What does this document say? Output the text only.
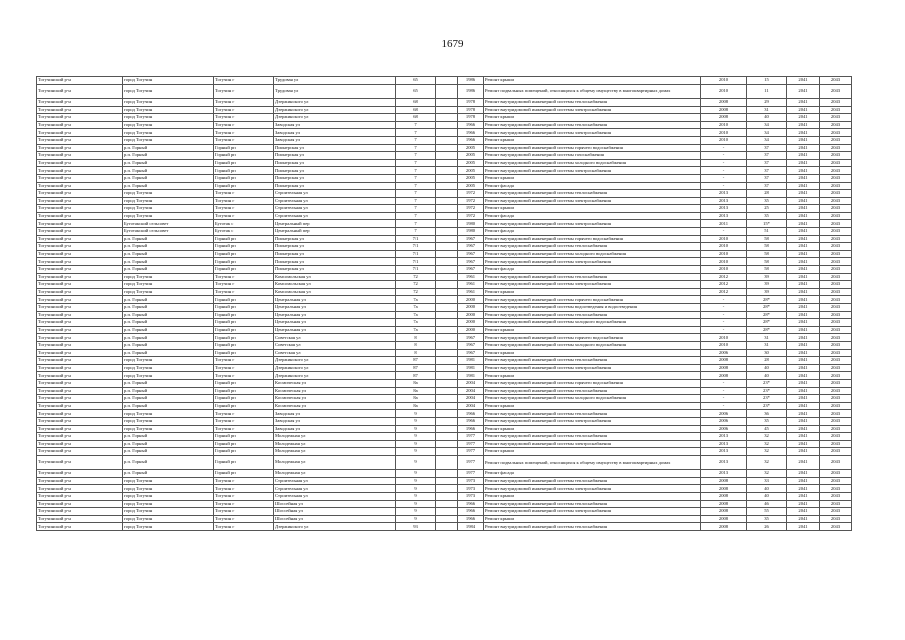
1679
Тогучинский р-н	город Тогучин	Тогучин г	Трудовая ул	65		1986	Ремонт крыши	2010	15	2041	2043
Тогучинский р-н	город Тогучин	Тогучин г	Трудовая ул	65		1986	Ремонт подвальных помещений, относящихся к общему имуществу в многоквартирных домах	2010	11	2041	2043
Тогучинский р-н	город Тогучин	Тогучин г	Дзержинского ул	68		1978	Ремонт внутридомовой инженерной системы теплоснабжения	2008	29	2041	2043
Тогучинский р-н	город Тогучин	Тогучин г	Дзержинского ул	68		1978	Ремонт внутридомовой инженерной системы электроснабжения	2008	31	2041	2043
Тогучинский р-н	город Тогучин	Тогучин г	Дзержинского ул	68		1978	Ремонт крыши	2008	40	2041	2043
Тогучинский р-н	город Тогучин	Тогучин г	Заводская ул	7		1966	Ремонт внутридомовой инженерной системы теплоснабжения	2010	34	2041	2043
Тогучинский р-н	город Тогучин	Тогучин г	Заводская ул	7		1966	Ремонт внутридомовой инженерной системы электроснабжения	2010	34	2041	2043
Тогучинский р-н	город Тогучин	Тогучин г	Заводская ул	7		1966	Ремонт крыши	2010	34	2041	2043
Тогучинский р-н	р.п. Горный	Горный рп	Пионерская ул	7		2005	Ремонт внутридомовой инженерной системы горячего водоснабжения	-	37	2041	2043
Тогучинский р-н	р.п. Горный	Горный рп	Пионерская ул	7		2005	Ремонт внутридомовой инженерной системы газоснабжения	-	37	2041	2043
Тогучинский р-н	р.п. Горный	Горный рп	Пионерская ул	7		2005	Ремонт внутридомовой инженерной системы холодного водоснабжения	-	37	2041	2043
Тогучинский р-н	р.п. Горный	Горный рп	Пионерская ул	7		2005	Ремонт внутридомовой инженерной системы электроснабжения	-	37	2041	2043
Тогучинский р-н	р.п. Горный	Горный рп	Пионерская ул	7		2005	Ремонт крыши	-	37	2041	2043
Тогучинский р-н	р.п. Горный	Горный рп	Пионерская ул	7		2005	Ремонт фасада	-	37	2041	2043
Тогучинский р-н	город Тогучин	Тогучин г	Строительная ул	7		1972	Ремонт внутридомовой инженерной системы теплоснабжения	2013	28	2041	2043
Тогучинский р-н	город Тогучин	Тогучин г	Строительная ул	7		1972	Ремонт внутридомовой инженерной системы электроснабжения	2013	35	2041	2043
Тогучинский р-н	город Тогучин	Тогучин г	Строительная ул	7		1972	Ремонт крыши	2013	25	2041	2043
Тогучинский р-н	город Тогучин	Тогучин г	Строительная ул	7		1972	Ремонт фасада	2013	35	2041	2043
Тогучинский р-н	Буготакский сельсовет	Буготак с	Центральный пер	7		1980	Ремонт внутридомовой инженерной системы электроснабжения	2011	15*	2041	2043
Тогучинский р-н	Буготакский сельсовет	Буготак с	Центральный пер	7		1980	Ремонт фасада	-	51	2041	2043
Тогучинский р-н	р.п. Горный	Горный рп	Пионерская ул	7/1		1967	Ремонт внутридомовой инженерной системы горячего водоснабжения	2010	58	2041	2043
Тогучинский р-н	р.п. Горный	Горный рп	Пионерская ул	7/1		1967	Ремонт внутридомовой инженерной системы теплоснабжения	2010	58	2041	2043
Тогучинский р-н	р.п. Горный	Горный рп	Пионерская ул	7/1		1967	Ремонт внутридомовой инженерной системы холодного водоснабжения	2010	58	2041	2043
Тогучинский р-н	р.п. Горный	Горный рп	Пионерская ул	7/1		1967	Ремонт внутридомовой инженерной системы электроснабжения	2010	58	2041	2043
Тогучинский р-н	р.п. Горный	Горный рп	Пионерская ул	7/1		1967	Ремонт фасада	2010	58	2041	2043
Тогучинский р-н	город Тогучин	Тогучин г	Комсомольская ул	72		1961	Ремонт внутридомовой инженерной системы теплоснабжения	2012	39	2041	2043
Тогучинский р-н	город Тогучин	Тогучин г	Комсомольская ул	72		1961	Ремонт внутридомовой инженерной системы электроснабжения	2012	39	2041	2043
Тогучинский р-н	город Тогучин	Тогучин г	Комсомольская ул	72		1961	Ремонт крыши	2012	39	2041	2043
Тогучинский р-н	р.п. Горный	Горный рп	Центральная ул	7а		2000	Ремонт внутридомовой инженерной системы горячего водоснабжения	-	28*	2041	2043
Тогучинский р-н	р.п. Горный	Горный рп	Центральная ул	7а		2000	Ремонт внутридомовой инженерной системы водоотведения и водоотведения	-	28*	2041	2043
Тогучинский р-н	р.п. Горный	Горный рп	Центральная ул	7а		2000	Ремонт внутридомовой инженерной системы теплоснабжения	-	28*	2041	2043
Тогучинский р-н	р.п. Горный	Горный рп	Центральная ул	7а		2000	Ремонт внутридомовой инженерной системы холодного водоснабжения	-	28*	2041	2043
Тогучинский р-н	р.п. Горный	Горный рп	Центральная ул	7а		2000	Ремонт крыши	-	28*	2041	2043
Тогучинский р-н	р.п. Горный	Горный рп	Советская ул	8		1967	Ремонт внутридомовой инженерной системы горячего водоснабжения	2010	31	2041	2043
Тогучинский р-н	р.п. Горный	Горный рп	Советская ул	8		1967	Ремонт внутридомовой инженерной системы холодного водоснабжения	2010	31	2041	2043
Тогучинский р-н	р.п. Горный	Горный рп	Советская ул	8		1967	Ремонт крыши	2006	30	2041	2043
Тогучинский р-н	город Тогучин	Тогучин г	Дзержинского ул	87		1981	Ремонт внутридомовой инженерной системы теплоснабжения	2008	28	2041	2043
Тогучинский р-н	город Тогучин	Тогучин г	Дзержинского ул	87		1981	Ремонт внутридомовой инженерной системы электроснабжения	2008	40	2041	2043
Тогучинский р-н	город Тогучин	Тогучин г	Дзержинского ул	87		1981	Ремонт крыши	2008	40	2041	2043
Тогучинский р-н	р.п. Горный	Горный рп	Космическая ул	8а		2004	Ремонт внутридомовой инженерной системы горячего водоснабжения	-	23*	2041	2043
Тогучинский р-н	р.п. Горный	Горный рп	Космическая ул	8а		2004	Ремонт внутридомовой инженерной системы теплоснабжения	-	23*	2041	2043
Тогучинский р-н	р.п. Горный	Горный рп	Космическая ул	8а		2004	Ремонт внутридомовой инженерной системы холодного водоснабжения	-	23*	2041	2043
Тогучинский р-н	р.п. Горный	Горный рп	Космическая ул	8а		2004	Ремонт крыши	-	23*	2041	2043
Тогучинский р-н	город Тогучин	Тогучин г	Заводская ул	9		1966	Ремонт внутридомовой инженерной системы теплоснабжения	2006	36	2041	2043
Тогучинский р-н	город Тогучин	Тогучин г	Заводская ул	9		1966	Ремонт внутридомовой инженерной системы электроснабжения	2006	35	2041	2043
Тогучинский р-н	город Тогучин	Тогучин г	Заводская ул	9		1966	Ремонт крыши	2006	45	2041	2043
Тогучинский р-н	р.п. Горный	Горный рп	Молодежная ул	9		1977	Ремонт внутридомовой инженерной системы теплоснабжения	2013	32	2041	2043
Тогучинский р-н	р.п. Горный	Горный рп	Молодежная ул	9		1977	Ремонт внутридомовой инженерной системы электроснабжения	2013	32	2041	2043
Тогучинский р-н	р.п. Горный	Горный рп	Молодежная ул	9		1977	Ремонт крыши	2013	32	2041	2043
Тогучинский р-н	р.п. Горный	Горный рп	Молодежная ул	9		1977	Ремонт подвальных помещений, относящихся к общему имуществу в многоквартирных домах	2013	32	2041	2043
Тогучинский р-н	р.п. Горный	Горный рп	Молодежная ул	9		1977	Ремонт фасада	2013	32	2041	2043
Тогучинский р-н	город Тогучин	Тогучин г	Строительная ул	9		1973	Ремонт внутридомовой инженерной системы теплоснабжения	2008	33	2041	2043
Тогучинский р-н	город Тогучин	Тогучин г	Строительная ул	9		1973	Ремонт внутридомовой инженерной системы электроснабжения	2008	40	2041	2043
Тогучинский р-н	город Тогучин	Тогучин г	Строительная ул	9		1973	Ремонт крыши	2008	40	2041	2043
Тогучинский р-н	город Тогучин	Тогучин г	Шоссейная ул	9		1966	Ремонт внутридомовой инженерной системы теплоснабжения	2008	46	2041	2043
Тогучинский р-н	город Тогучин	Тогучин г	Шоссейная ул	9		1966	Ремонт внутридомовой инженерной системы электроснабжения	2008	55	2041	2043
Тогучинский р-н	город Тогучин	Тогучин г	Шоссейная ул	9		1966	Ремонт крыши	2008	35	2041	2043
Тогучинский р-н	город Тогучин	Тогучин г	Дзержинского ул	93		1984	Ремонт внутридомовой инженерной системы теплоснабжения	2008	26	2041	2043
